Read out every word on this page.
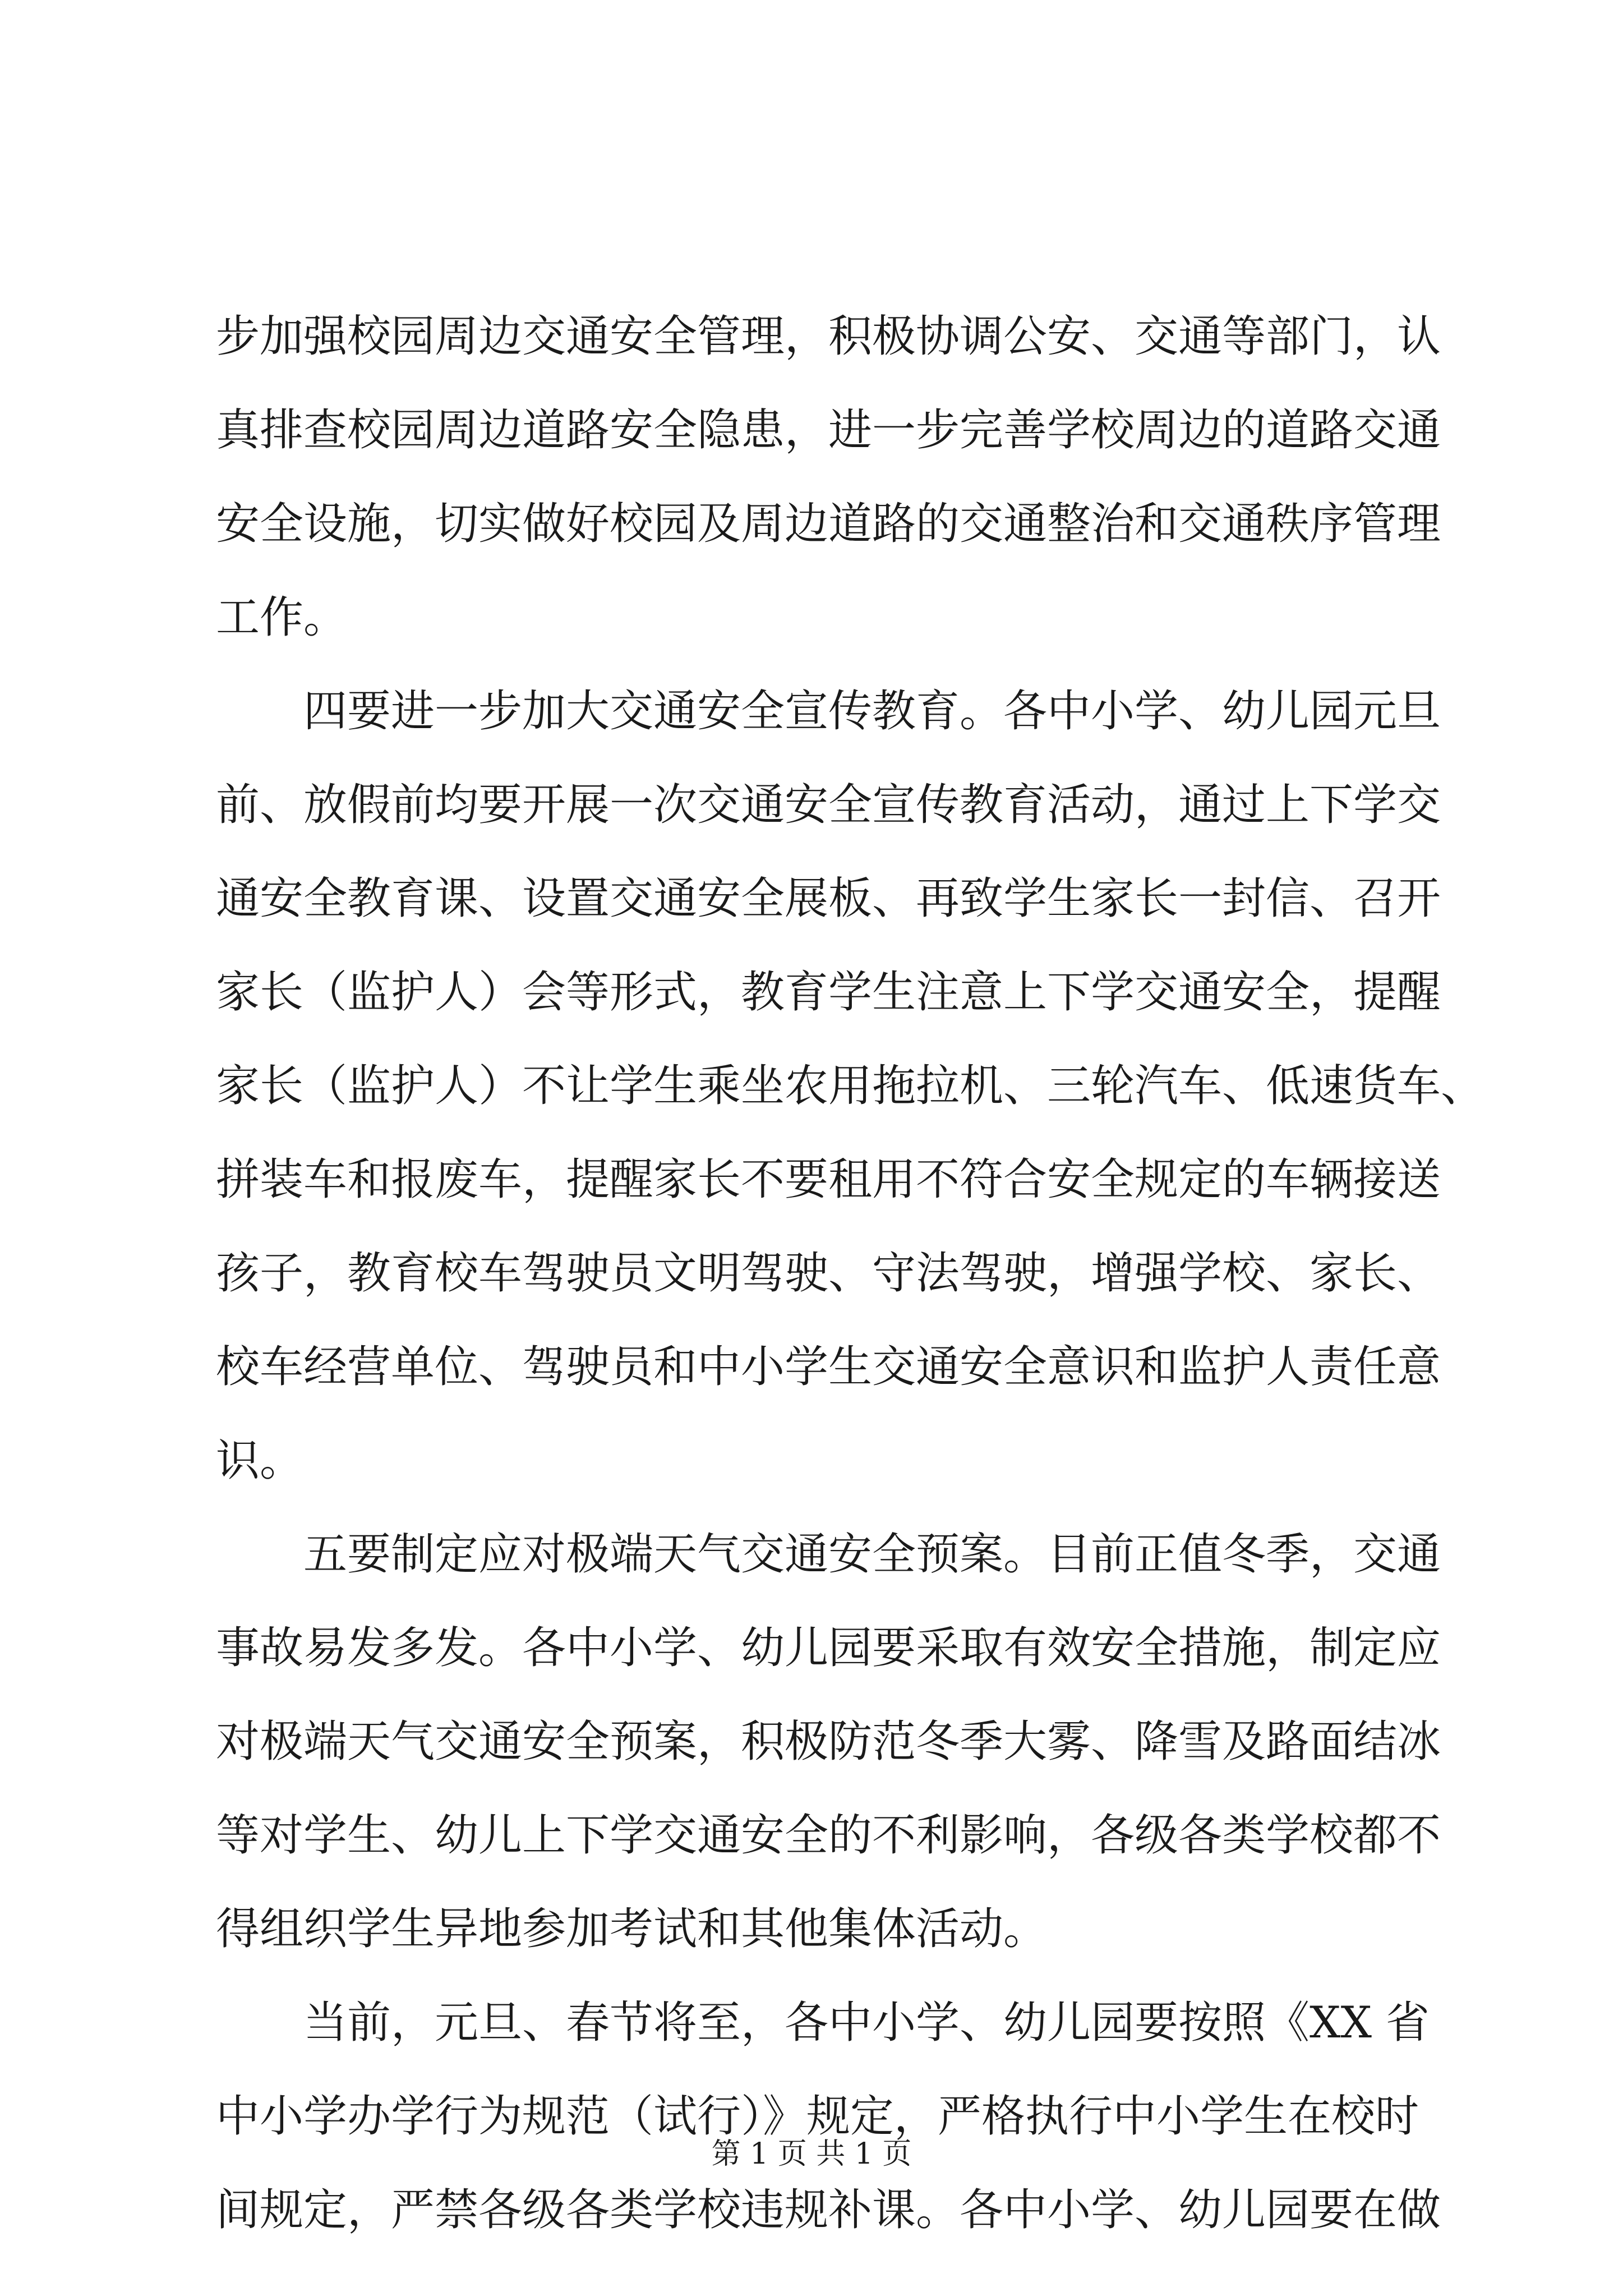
步加强校园周边交通安全管理，积极协调公安、交通等部门，认
真排查校园周边道路安全隐患，进一步完善学校周边的道路交通
安全设施，切实做好校园及周边道路的交通整治和交通秩序管理
工作。
四要进一步加大交通安全宣传教育。各中小学、幼儿园元旦
前、放假前均要开展一次交通安全宣传教育活动，通过上下学交
通安全教育课、设置交通安全展板、再致学生家长一封信、召开
家长（监护人）会等形式，教育学生注意上下学交通安全，提醒
家长（监护人）不让学生乘坐农用拖拉机、三轮汽车、低速货车、
拼装车和报废车，提醒家长不要租用不符合安全规定的车辆接送
孩子，教育校车驾驶员文明驾驶、守法驾驶，增强学校、家长、
校车经营单位、驾驶员和中小学生交通安全意识和监护人责任意
识。
五要制定应对极端天气交通安全预案。目前正值冬季，交通
事故易发多发。各中小学、幼儿园要采取有效安全措施，制定应
对极端天气交通安全预案，积极防范冬季大雾、降雪及路面结冰
等对学生、幼儿上下学交通安全的不利影响，各级各类学校都不
得组织学生异地参加考试和其他集体活动。
当前，元旦、春节将至，各中小学、幼儿园要按照《XX 省
中小学办学行为规范（试行）》规定，严格执行中小学生在校时
间规定，严禁各级各类学校违规补课。各中小学、幼儿园要在做
第 1 页 共 1 页
